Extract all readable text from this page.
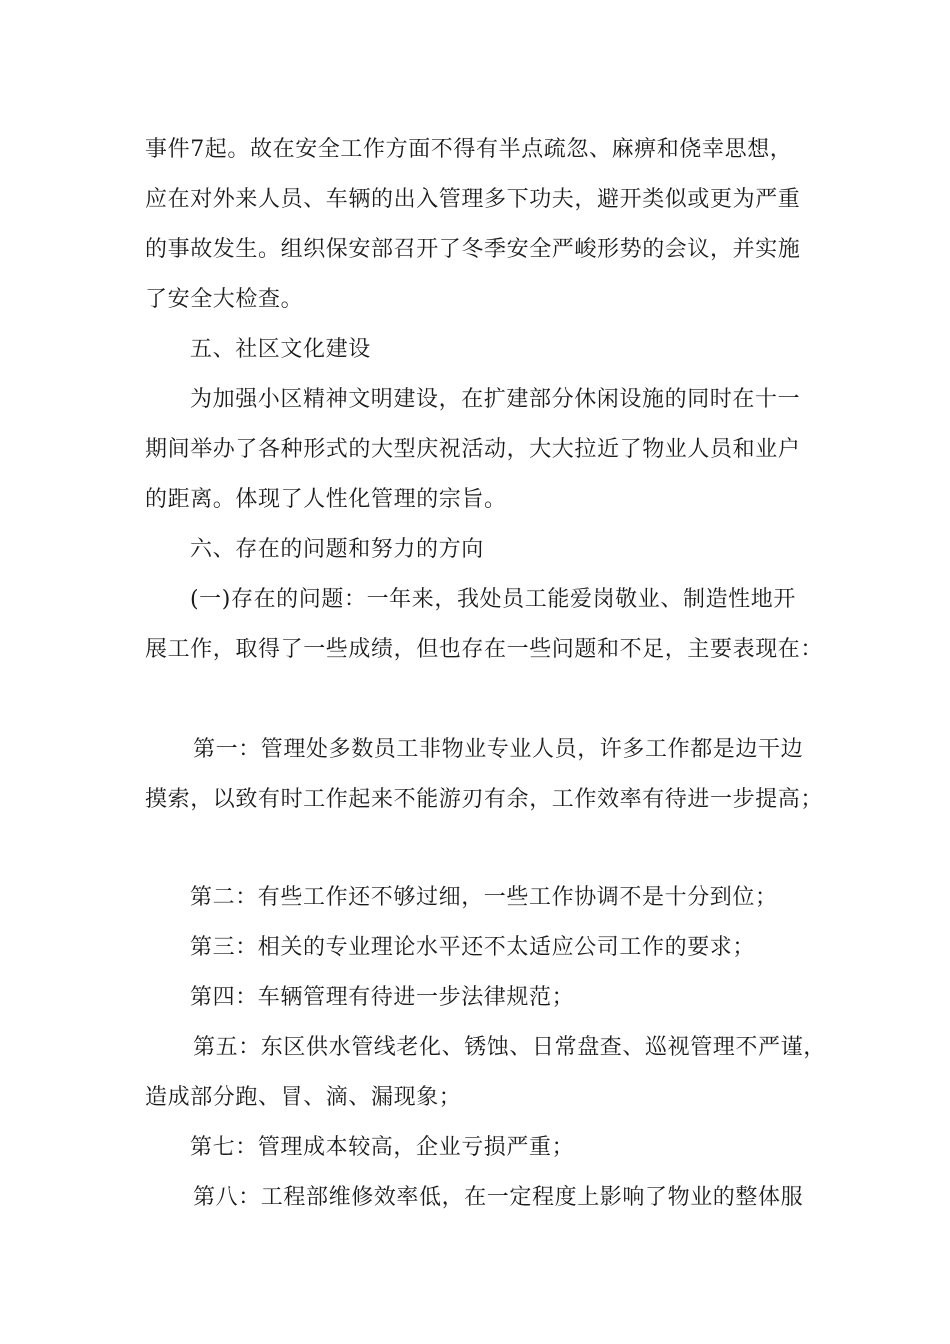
事件7起。故在安全工作方面不得有半点疏忽、麻痹和侥幸思想，
应在对外来人员、车辆的出入管理多下功夫，避开类似或更为严重
的事故发生。组织保安部召开了冬季安全严峻形势的会议，并实施
了安全大检查。
五、社区文化建设
为加强小区精神文明建设，在扩建部分休闲设施的同时在十一
期间举办了各种形式的大型庆祝活动，大大拉近了物业人员和业户
的距离。体现了人性化管理的宗旨。
六、存在的问题和努力的方向
(一)存在的问题：一年来，我处员工能爱岗敬业、制造性地开
展工作，取得了一些成绩，但也存在一些问题和不足，主要表现在：
第一：管理处多数员工非物业专业人员，许多工作都是边干边
摸索，以致有时工作起来不能游刃有余，工作效率有待进一步提高；
第二：有些工作还不够过细，一些工作协调不是十分到位；
第三：相关的专业理论水平还不太适应公司工作的要求；
第四：车辆管理有待进一步法律规范；
第五：东区供水管线老化、锈蚀、日常盘查、巡视管理不严谨，
造成部分跑、冒、滴、漏现象；
第七：管理成本较高，企业亏损严重；
第八：工程部维修效率低，在一定程度上影响了物业的整体服
